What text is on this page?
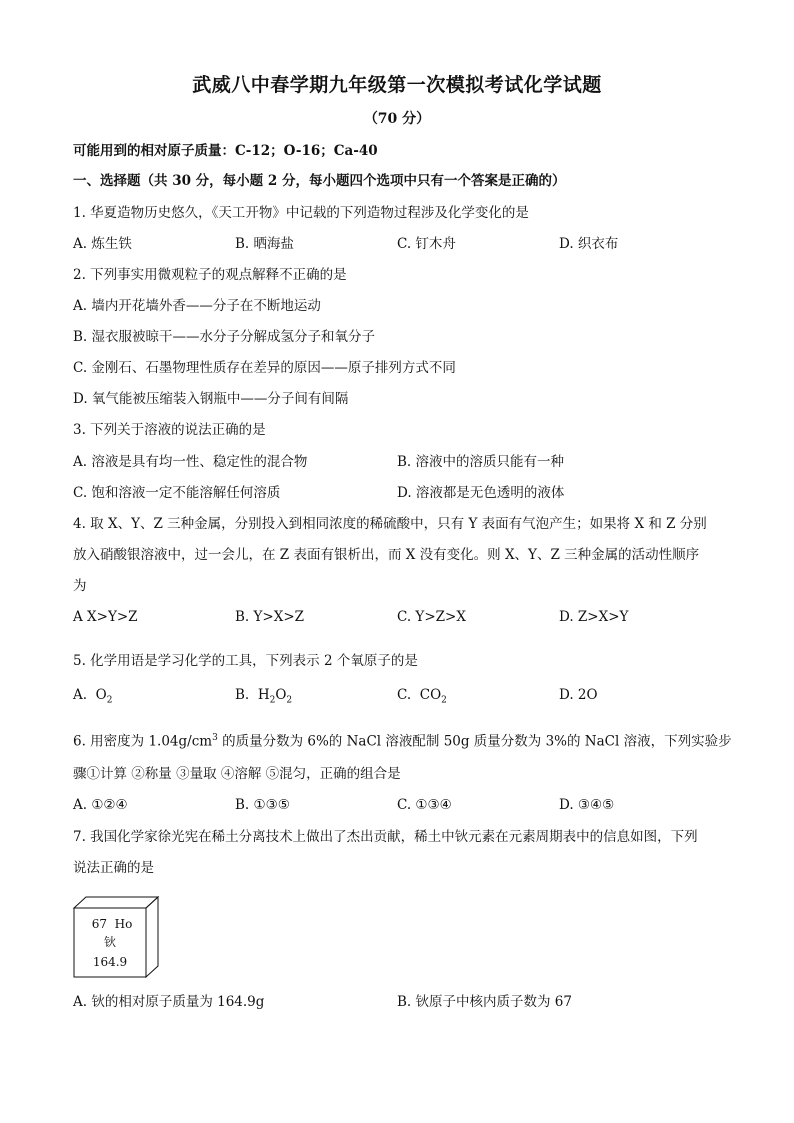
武威八中春学期九年级第一次模拟考试化学试题
（70 分）
可能用到的相对原子质量：C-12；O-16；Ca-40
一、选择题（共 30 分，每小题 2 分，每小题四个选项中只有一个答案是正确的）
1. 华夏造物历史悠久，《天工开物》中记载的下列造物过程涉及化学变化的是
A. 炼生铁	B. 晒海盐	C. 钉木舟	D. 织衣布
2. 下列事实用微观粒子的观点解释不正确的是
A. 墙内开花墙外香——分子在不断地运动
B. 湿衣服被晾干——水分子分解成氢分子和氧分子
C. 金刚石、石墨物理性质存在差异的原因——原子排列方式不同
D. 氧气能被压缩装入钢瓶中——分子间有间隔
3. 下列关于溶液的说法正确的是
A. 溶液是具有均一性、稳定性的混合物	B. 溶液中的溶质只能有一种
C. 饱和溶液一定不能溶解任何溶质	D. 溶液都是无色透明的液体
4. 取 X、Y、Z 三种金属，分别投入到相同浓度的稀硫酸中，只有 Y 表面有气泡产生；如果将 X 和 Z 分别
放入硝酸银溶液中，过一会儿，在 Z 表面有银析出，而 X 没有变化。则 X、Y、Z 三种金属的活动性顺序
为
A X>Y>Z	B. Y>X>Z	C. Y>Z>X	D. Z>X>Y
5. 化学用语是学习化学的工具，下列表示 2 个氧原子的是
A. $O_2$	B. $H_2O_2$	C. $CO_2$	D. 2O
6. 用密度为 $1.04g/cm^3$ 的质量分数为 6%的 NaCl 溶液配制 50g 质量分数为 3%的 NaCl 溶液，下列实验步
骤①计算 ②称量 ③量取 ④溶解 ⑤混匀，正确的组合是
A. ①②④	B. ①③⑤	C. ①③④	D. ③④⑤
7. 我国化学家徐光宪在稀土分离技术上做出了杰出贡献，稀土中钬元素在元素周期表中的信息如图，下列
说法正确的是
67 Ho
钬
164.9
A. 钬的相对原子质量为 164.9g	B. 钬原子中核内质子数为 67
